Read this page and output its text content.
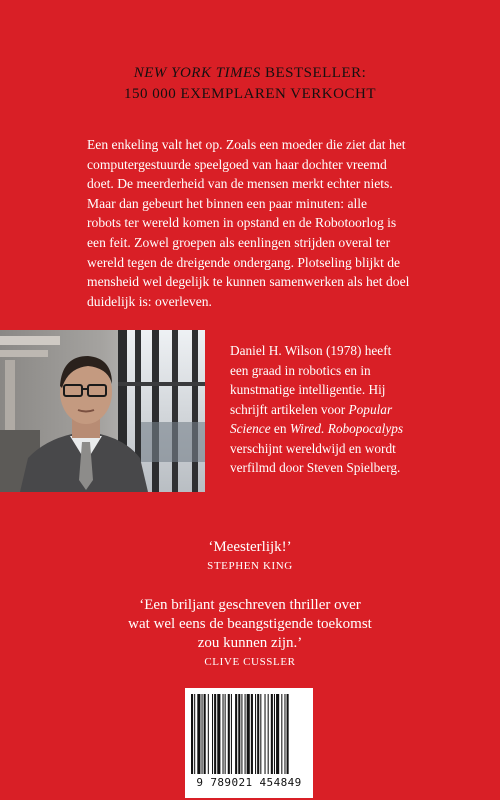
NEW YORK TIMES BESTSELLER:
150 000 EXEMPLAREN VERKOCHT

Een enkeling valt het op. Zoals een moeder die ziet dat het

computergestuurde speelgoed van haar dochter vreemd

doet. De meerderheid van de mensen merkt echter niets.

Maar dan gebeurt het binnen een paar minuten: alle

robots ter wereld komen in opstand en de Robotoorlog is

een feit. Zowel groepen als eenlingen strijden overal ter

wereld tegen de dreigende ondergang. Plotseling blijkt de

mensheid wel degelijk te kunnen samenwerken als het doel

duidelijk is: overleven.

Daniel H. Wilson (1978) heeft

een graad in robotics en in

kunstmatige intelligentie. Hij

schrijft artikelen voor Popular

Science en Wired. Robopocalyps

verschijnt wereldwijd en wordt

verfilmd door Steven Spielberg.

‘Meesterlijk!’
STEPHEN KING
‘Een briljant geschreven thriller over
wat wel eens de beangstigende toekomst
zou kunnen zijn.’
CLIVE CUSSLER
9 789021 454849
